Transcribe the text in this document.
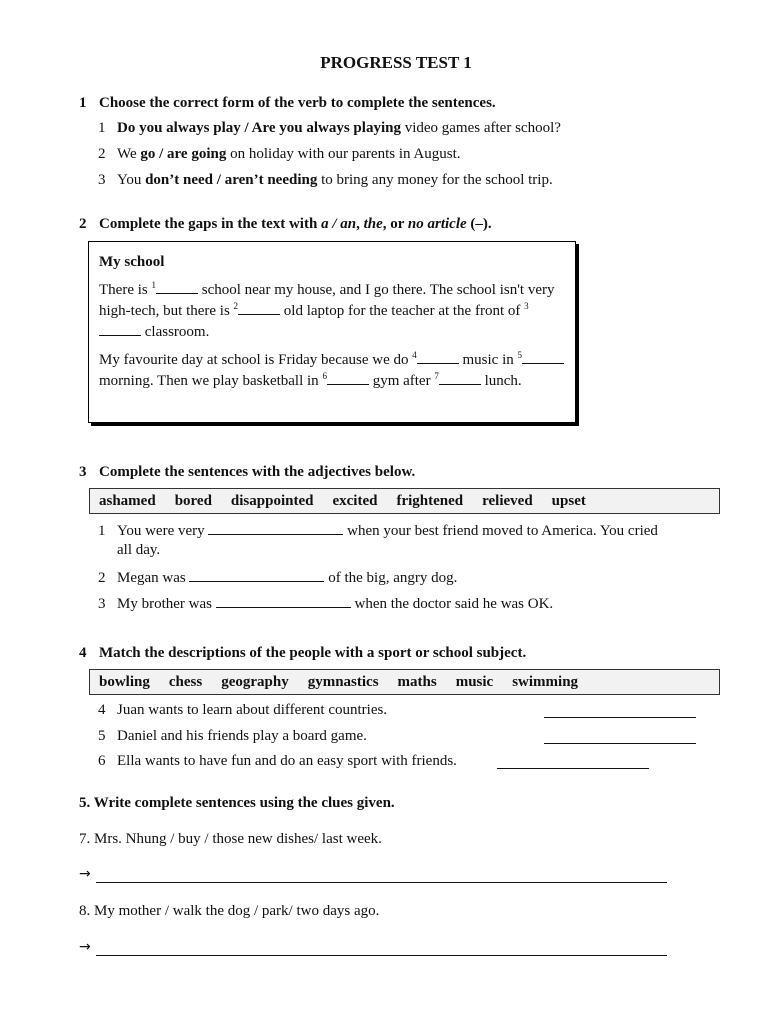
PROGRESS TEST 1
1 Choose the correct form of the verb to complete the sentences.
1 Do you always play / Are you always playing video games after school?
2 We go / are going on holiday with our parents in August.
3 You don’t need / aren’t needing to bring any money for the school trip.
2 Complete the gaps in the text with a / an, the, or no article (–).
My school

There is $^1$	school near my house, and I go there. The school isn't very high-tech, but there is $^2$	old laptop for the teacher at the front of $^3$ classroom.

My favourite day at school is Friday because we do $^4$	music in $^5$ morning. Then we play basketball in $^6$	gym after $^7$	lunch.

3 Complete the sentences with the adjectives below.
ashamed bored disappointed excited frightened relieved upset
1 You were very	when your best friend moved to America. You cried
all day.
2 Megan was	of the big, angry dog.
3 My brother was	when the doctor said he was OK.
4 Match the descriptions of the people with a sport or school subject.
bowling chess geography gymnastics maths music swimming
4 Juan wants to learn about different countries.
5 Daniel and his friends play a board game.
6 Ella wants to have fun and do an easy sport with friends.
5. Write complete sentences using the clues given.
7. Mrs. Nhung / buy / those new dishes/ last week.
→
8. My mother / walk the dog / park/ two days ago.
→
